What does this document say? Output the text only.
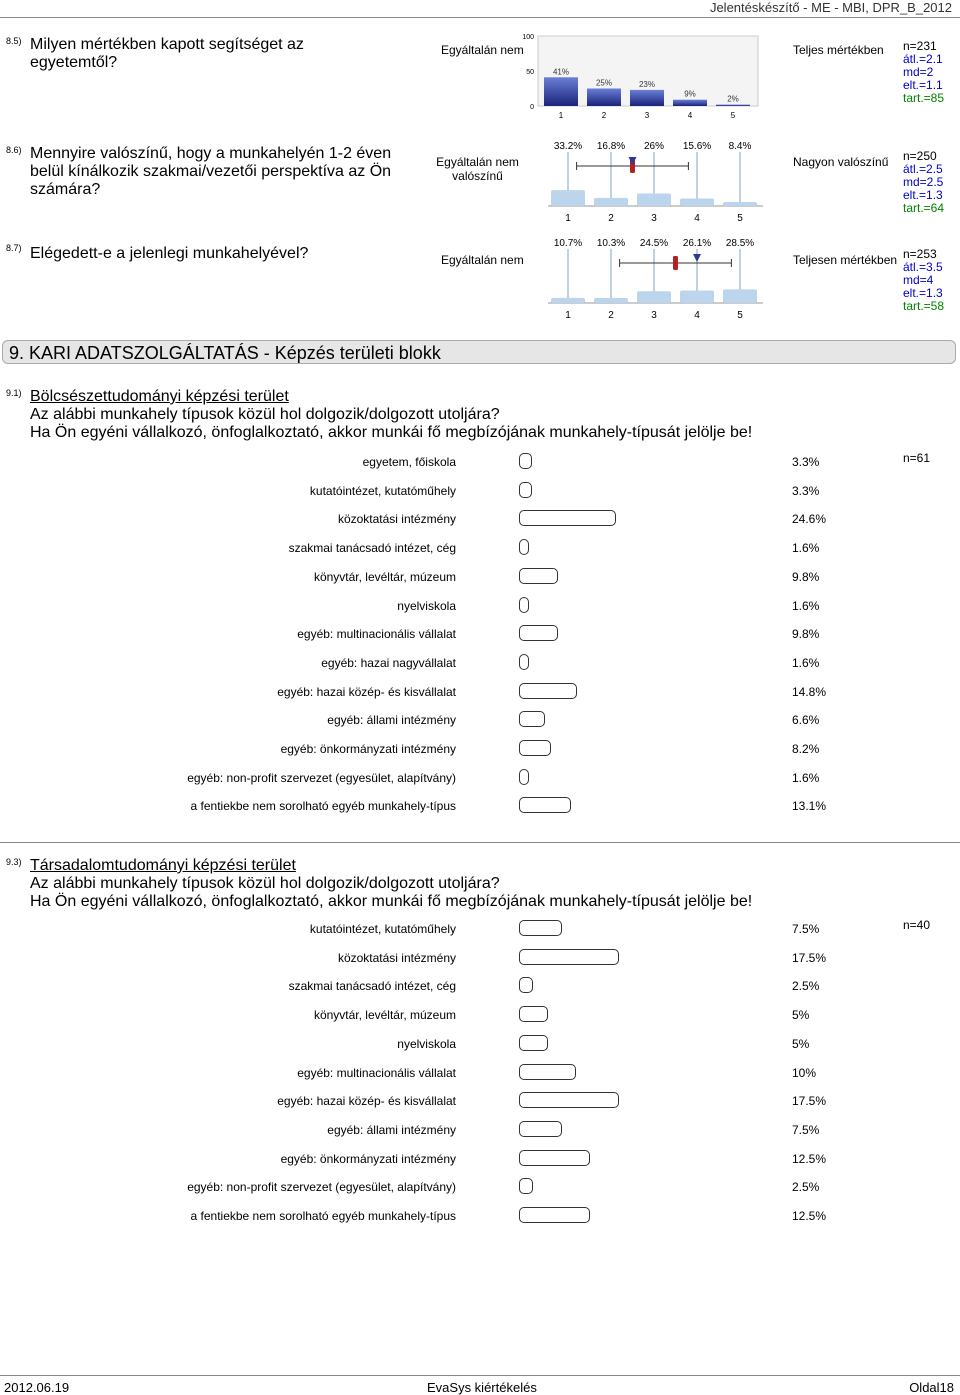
Jelentéskészítő - ME - MBI, DPR_B_2012
8.5) Milyen mértékben kapott segítséget az egyetemtől?
Egyáltalán nem
0
50
100
41%
1
25%
2
23%
3
9%
4
2%
5
Teljes mértékben n=231
átl.=2.1
md=2
elt.=1.1
tart.=85
8.6) Mennyire valószínű, hogy a munkahelyén 1-2 éven belül kínálkozik szakmai/vezetői perspektíva az Ön számára?
Egyáltalán nem valószínű
33.2% 16.8% 26% 15.6% 8.4%
1	2	3	4	5
Nagyon valószínű n=250
átl.=2.5
md=2.5
elt.=1.3
tart.=64
8.7) Elégedett-e a jelenlegi munkahelyével?	Egyáltalán nem
10.7% 10.3% 24.5% 26.1% 28.5%
1	2	3	4	5
Teljesen mértékben n=253
átl.=3.5
md=4
elt.=1.3
tart.=58
9. KARI ADATSZOLGÁLTATÁS - Képzés területi blokk
9.1) Bölcsészettudományi képzési terület
Az alábbi munkahely típusok közül hol dolgozik/dolgozott utoljára?
Ha Ön egyéni vállalkozó, önfoglalkoztató, akkor munkái fő megbízójának munkahely-típusát jelölje be!
egyetem, főiskola	3.3%
kutatóintézet, kutatóműhely	3.3%
közoktatási intézmény	24.6%
szakmai tanácsadó intézet, cég	1.6%
könyvtár, levéltár, múzeum	9.8%
nyelviskola	1.6%
egyéb: multinacionális vállalat	9.8%
egyéb: hazai nagyvállalat	1.6%
egyéb: hazai közép- és kisvállalat	14.8%
egyéb: állami intézmény	6.6%
egyéb: önkormányzati intézmény	8.2%
egyéb: non-profit szervezet (egyesület, alapítvány)	1.6%
a fentiekbe nem sorolható egyéb munkahely-típus	13.1%
n=61
9.3) Társadalomtudományi képzési terület
Az alábbi munkahely típusok közül hol dolgozik/dolgozott utoljára?
Ha Ön egyéni vállalkozó, önfoglalkoztató, akkor munkái fő megbízójának munkahely-típusát jelölje be!
kutatóintézet, kutatóműhely	7.5%
közoktatási intézmény	17.5%
szakmai tanácsadó intézet, cég	2.5%
könyvtár, levéltár, múzeum	5%
nyelviskola	5%
egyéb: multinacionális vállalat	10%
egyéb: hazai közép- és kisvállalat	17.5%
egyéb: állami intézmény	7.5%
egyéb: önkormányzati intézmény	12.5%
egyéb: non-profit szervezet (egyesület, alapítvány)	2.5%
a fentiekbe nem sorolható egyéb munkahely-típus	12.5%
n=40
2012.06.19	EvaSys kiértékelés	Oldal18
